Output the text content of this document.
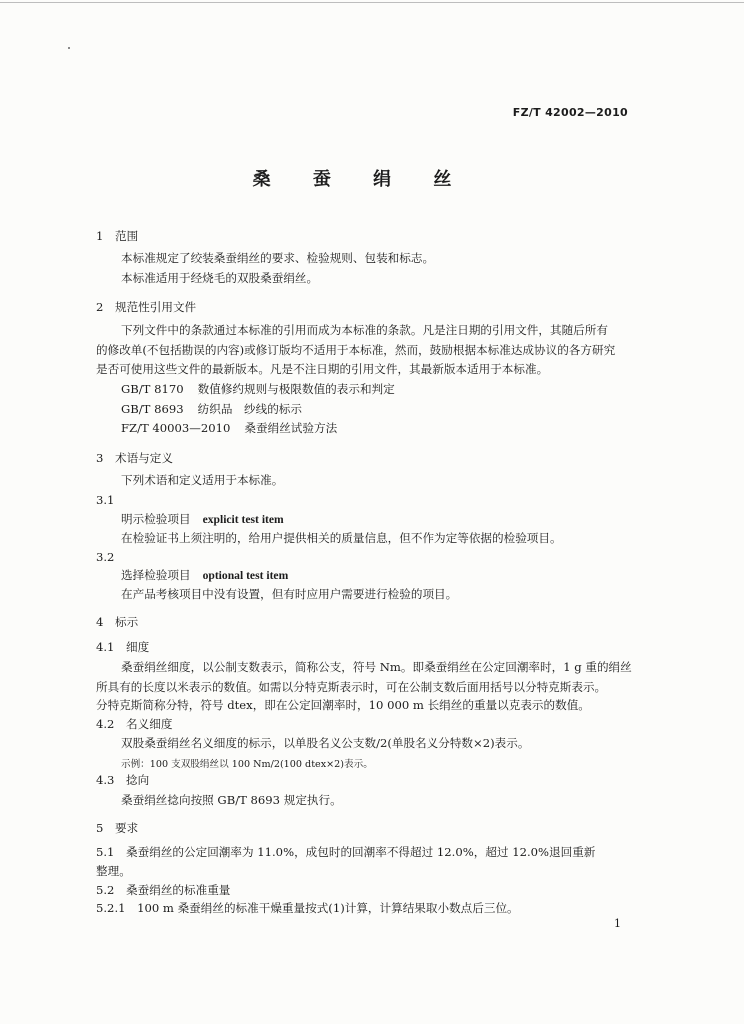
FZ/T 42002—2010
桑 蚕 绢 丝
1　范围
本标准规定了绞装桑蚕绢丝的要求、检验规则、包装和标志。
本标准适用于经烧毛的双股桑蚕绢丝。
2　规范性引用文件
下列文件中的条款通过本标准的引用而成为本标准的条款。凡是注日期的引用文件，其随后所有
的修改单(不包括勘误的内容)或修订版均不适用于本标准，然而，鼓励根据本标准达成协议的各方研究
是否可使用这些文件的最新版本。凡是不注日期的引用文件，其最新版本适用于本标准。
GB/T 8170 数值修约规则与极限数值的表示和判定
GB/T 8693 纺织品　纱线的标示
FZ/T 40003—2010 桑蚕绢丝试验方法
3　术语与定义
下列术语和定义适用于本标准。
3.1
明示检验项目 explicit test item
在检验证书上须注明的，给用户提供相关的质量信息，但不作为定等依据的检验项目。
3.2
选择检验项目 optional test item
在产品考核项目中没有设置，但有时应用户需要进行检验的项目。
4　标示
4.1　细度
桑蚕绢丝细度，以公制支数表示，简称公支，符号 Nm。即桑蚕绢丝在公定回潮率时，1 g 重的绢丝
所具有的长度以米表示的数值。如需以分特克斯表示时，可在公制支数后面用括号以分特克斯表示。
分特克斯简称分特，符号 dtex，即在公定回潮率时，10 000 m 长绢丝的重量以克表示的数值。
4.2　名义细度
双股桑蚕绢丝名义细度的标示，以单股名义公支数/2(单股名义分特数×2)表示。
示例：100 支双股绢丝以 100 Nm/2(100 dtex×2)表示。
4.3　捻向
桑蚕绢丝捻向按照 GB/T 8693 规定执行。
5　要求
5.1　桑蚕绢丝的公定回潮率为 11.0%，成包时的回潮率不得超过 12.0%，超过 12.0%退回重新
整理。
5.2　桑蚕绢丝的标准重量
5.2.1　100 m 桑蚕绢丝的标准干燥重量按式(1)计算，计算结果取小数点后三位。
1
